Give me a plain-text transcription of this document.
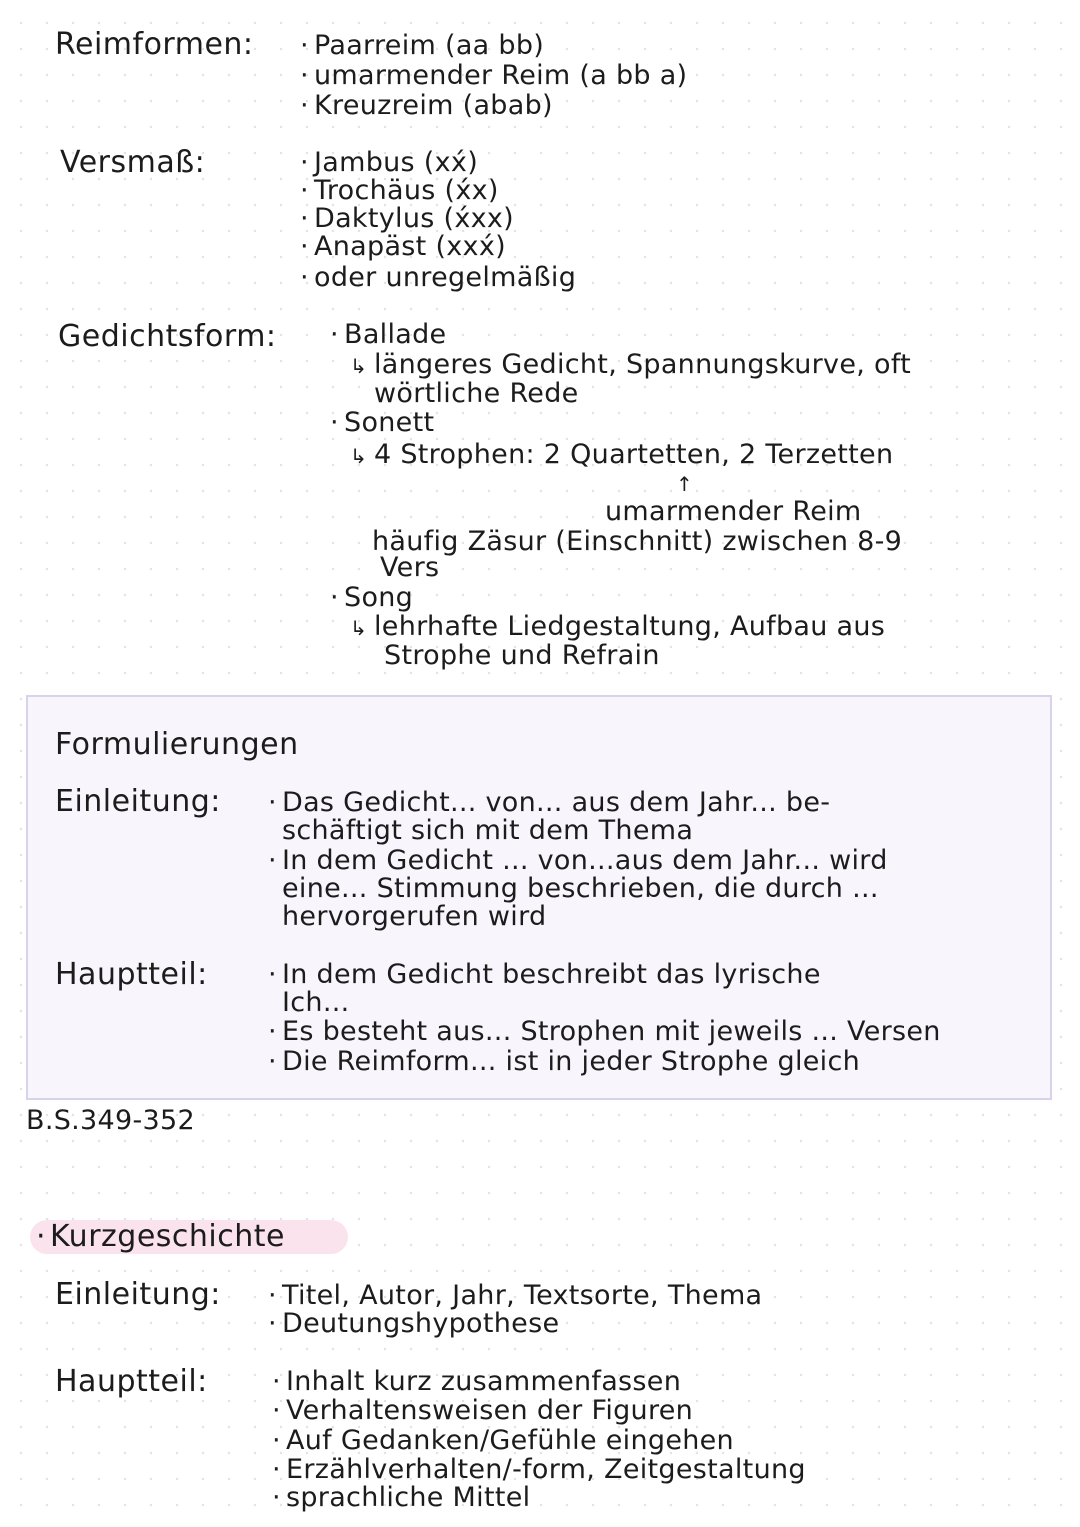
Reimformen: · Paarreim (aa bb)
· umarmender Reim (a bb a)
· Kreuzreim (abab)
Versmaß:	· Jambus (xx́)
· Trochäus (x́x)
· Daktylus (x́xx)
· Anapäst (xxx́)
· oder unregelmäßig
Gedichtsform: · Ballade
↳ längeres Gedicht, Spannungskurve, oft
wörtliche Rede
· Sonett
↳ 4 Strophen: 2 Quartetten, 2 Terzetten
↑
umarmender Reim
häufig Zäsur (Einschnitt) zwischen 8-9
Vers
· Song
↳ lehrhafte Liedgestaltung, Aufbau aus
Strophe und Refrain
Formulierungen
Einleitung: · Das Gedicht... von... aus dem Jahr... be-
schäftigt sich mit dem Thema
· In dem Gedicht ... von...aus dem Jahr... wird
eine... Stimmung beschrieben, die durch ...
hervorgerufen wird
Hauptteil: · In dem Gedicht beschreibt das lyrische
Ich...
· Es besteht aus... Strophen mit jeweils ... Versen
· Die Reimform... ist in jeder Strophe gleich
B.S.349-352
· Kurzgeschichte
Einleitung: · Titel, Autor, Jahr, Textsorte, Thema
· Deutungshypothese
Hauptteil: · Inhalt kurz zusammenfassen
· Verhaltensweisen der Figuren
· Auf Gedanken/Gefühle eingehen
· Erzählverhalten/-form, Zeitgestaltung
· sprachliche Mittel
